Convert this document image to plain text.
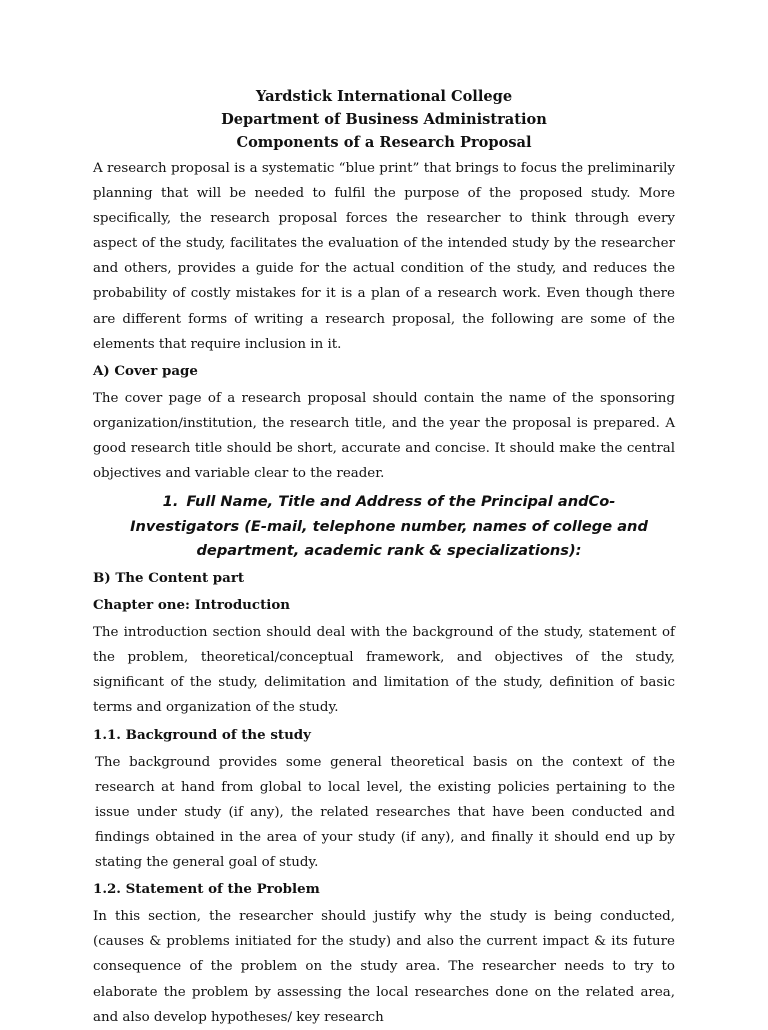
Yardstick International College
Department of Business Administration
Components of a Research Proposal

A research proposal is a systematic “blue print” that brings to focus the preliminarily planning that will be needed to fulfil the purpose of the proposed study. More specifically, the research proposal forces the researcher to think through every aspect of the study, facilitates the evaluation of the intended study by the researcher and others, provides a guide for the actual condition of the study, and reduces the probability of costly mistakes for it is a plan of a research work. Even though there are different forms of writing a research proposal, the following are some of the elements that require inclusion in it.

A) Cover page

The cover page of a research proposal should contain the name of the sponsoring organization/institution, the research title, and the year the proposal is prepared. A good research title should be short, accurate and concise. It should make the central objectives and variable clear to the reader.

1. Full Name, Title and Address of the Principal andCo-Investigators (E-mail, telephone number, names of college and department, academic rank & specializations):

B) The Content part

Chapter one: Introduction

The introduction section should deal with the background of the study, statement of the problem, theoretical/conceptual framework, and objectives of the study, significant of the study, delimitation and limitation of the study, definition of basic terms and organization of the study.

1.1. Background of the study

The background provides some general theoretical basis on the context of the research at hand from global to local level, the existing policies pertaining to the issue under study (if any), the related researches that have been conducted and findings obtained in the area of your study (if any), and finally it should end up by stating the general goal of study.

1.2. Statement of the Problem

In this section, the researcher should justify why the study is being conducted, (causes & problems initiated for the study) and also the current impact & its future consequence of the problem on the study area. The researcher needs to try to elaborate the problem by assessing the local researches done on the related area, and also develop hypotheses/ key research
